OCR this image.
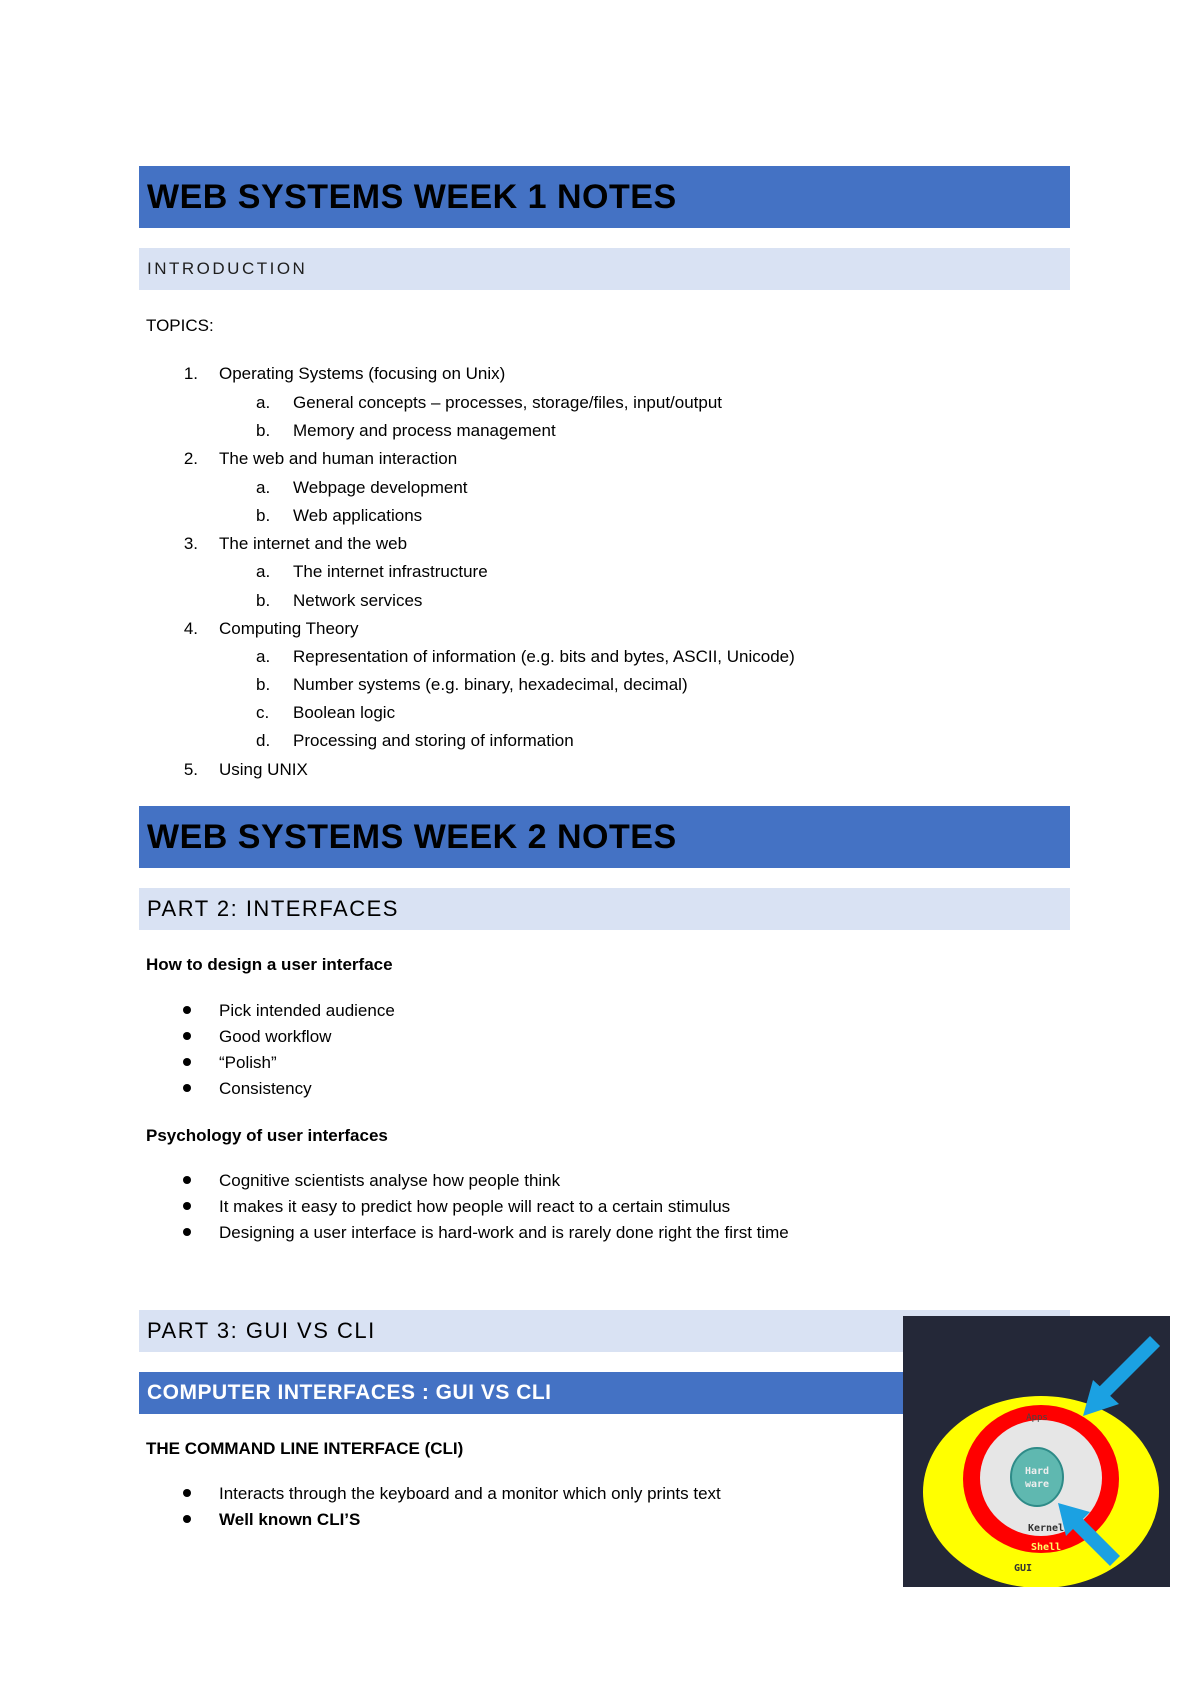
WEB SYSTEMS WEEK 1 NOTES
INTRODUCTION
TOPICS:
1. Operating Systems (focusing on Unix)
a. General concepts – processes, storage/files, input/output
b. Memory and process management
2. The web and human interaction
a. Webpage development
b. Web applications
3. The internet and the web
a. The internet infrastructure
b. Network services
4. Computing Theory
a. Representation of information (e.g. bits and bytes, ASCII, Unicode)
b. Number systems (e.g. binary, hexadecimal, decimal)
c. Boolean logic
d. Processing and storing of information
5. Using UNIX
WEB SYSTEMS WEEK 2 NOTES
PART 2: INTERFACES
How to design a user interface
Pick intended audience
Good workflow
“Polish”
Consistency
Psychology of user interfaces
Cognitive scientists analyse how people think
It makes it easy to predict how people will react to a certain stimulus
Designing a user interface is hard-work and is rarely done right the first time
PART 3: GUI VS CLI
COMPUTER INTERFACES : GUI VS CLI
THE COMMAND LINE INTERFACE (CLI)
Interacts through the keyboard and a monitor which only prints text
Well known CLI’S
Hard
ware
Apps
Kernel
Shell
GUI
